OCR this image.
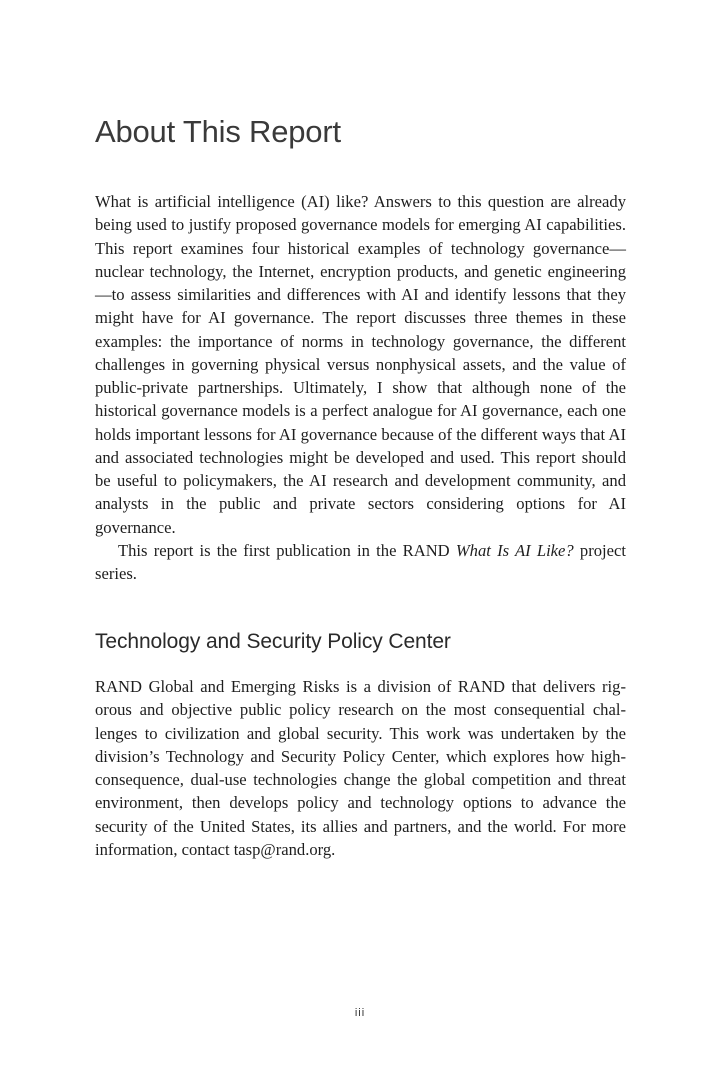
About This Report

What is artificial intelligence (AI) like? Answers to this question are already being used to justify proposed governance models for emerging AI capabilities. This report examines four historical examples of technology governance—nuclear technology, the Internet, encryption products, and genetic engineering—to assess similarities and differences with AI and identify lessons that they might have for AI governance. The report discusses three themes in these examples: the importance of norms in technology governance, the different challenges in governing physical versus nonphysical assets, and the value of public-private partnerships. Ultimately, I show that although none of the historical governance models is a perfect analogue for AI governance, each one holds important lessons for AI governance because of the different ways that AI and associated technologies might be developed and used. This report should be useful to policymakers, the AI research and development community, and analysts in the public and private sectors considering options for AI governance.

This report is the first publication in the RAND What Is AI Like? project series.

Technology and Security Policy Center

RAND Global and Emerging Risks is a division of RAND that delivers rigorous and objective public policy research on the most consequential challenges to civilization and global security. This work was undertaken by the division’s Technology and Security Policy Center, which explores how high-consequence, dual-use technologies change the global competition and threat environment, then develops policy and technology options to advance the security of the United States, its allies and partners, and the world. For more information, contact tasp@rand.org.

iii
